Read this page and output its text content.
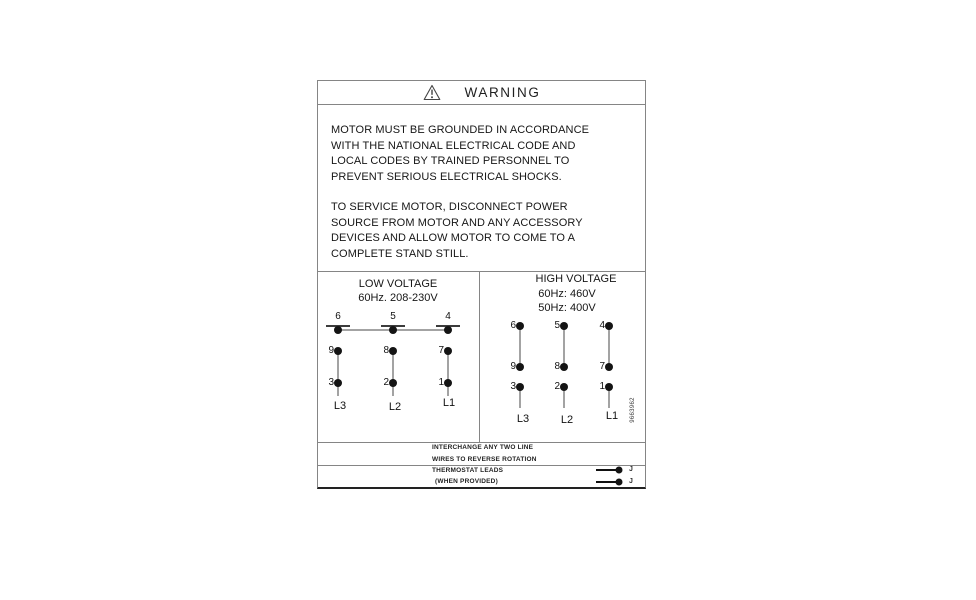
WARNING
MOTOR MUST BE GROUNDED IN ACCORDANCE
WITH THE NATIONAL ELECTRICAL CODE AND
LOCAL CODES BY TRAINED PERSONNEL TO
PREVENT SERIOUS ELECTRICAL SHOCKS.
TO SERVICE MOTOR, DISCONNECT POWER
SOURCE FROM MOTOR AND ANY ACCESSORY
DEVICES AND ALLOW MOTOR TO COME TO A
COMPLETE STAND STILL.
LOW VOLTAGE
60Hz. 208-230V
6	5	4
9	8	7
3	2	1
L3	L2	L1
HIGH VOLTAGE
60Hz: 460V
50Hz: 400V
6	5	4
9	8	7
3	2	1
L3	L2	L1 9663962
INTERCHANGE ANY TWO LINE
WIRES TO REVERSE ROTATION
THERMOSTAT LEADS
(WHEN PROVIDED)
J
J
